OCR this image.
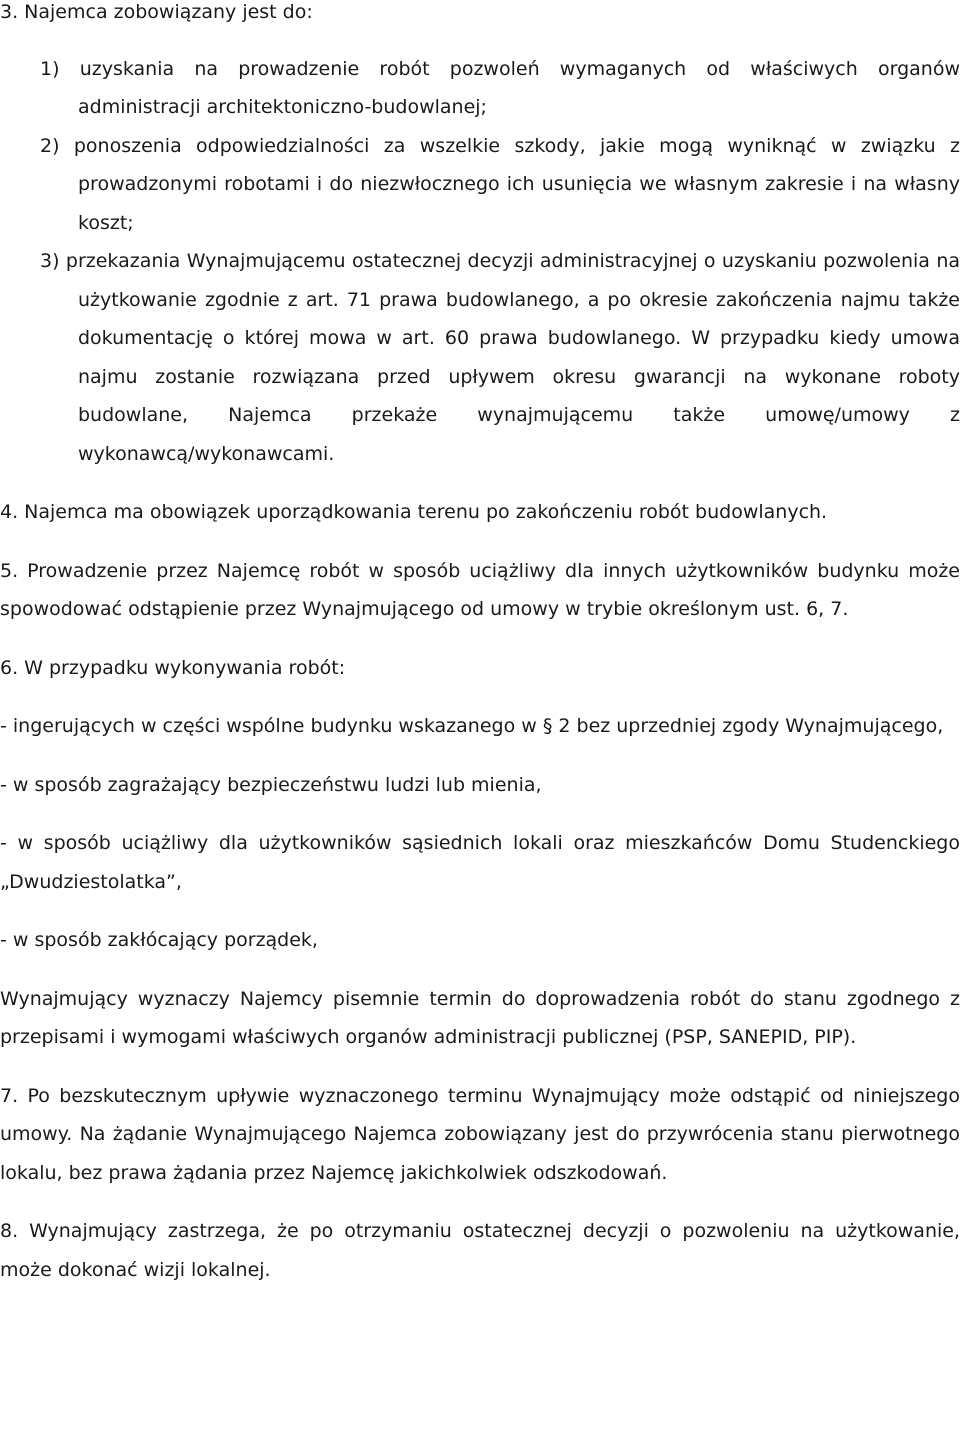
3. Najemca zobowiązany jest do:

1) uzyskania na prowadzenie robót pozwoleń wymaganych od właściwych organów administracji architektoniczno-budowlanej;

2) ponoszenia odpowiedzialności za wszelkie szkody, jakie mogą wyniknąć w związku z prowadzonymi robotami i do niezwłocznego ich usunięcia we własnym zakresie i na własny koszt;

3) przekazania Wynajmującemu ostatecznej decyzji administracyjnej o uzyskaniu pozwolenia na użytkowanie zgodnie z art. 71 prawa budowlanego, a po okresie zakończenia najmu także dokumentację o której mowa w art. 60 prawa budowlanego. W przypadku kiedy umowa najmu zostanie rozwiązana przed upływem okresu gwarancji na wykonane roboty budowlane, Najemca przekaże wynajmującemu także umowę/umowy z wykonawcą/wykonawcami.

4. Najemca ma obowiązek uporządkowania terenu po zakończeniu robót budowlanych.

5. Prowadzenie przez Najemcę robót w sposób uciążliwy dla innych użytkowników budynku może spowodować odstąpienie przez Wynajmującego od umowy w trybie określonym ust. 6, 7.

6. W przypadku wykonywania robót:

- ingerujących w części wspólne budynku wskazanego w § 2 bez uprzedniej zgody Wynajmującego,

- w sposób zagrażający bezpieczeństwu ludzi lub mienia,

- w sposób uciążliwy dla użytkowników sąsiednich lokali oraz mieszkańców Domu Studenckiego „Dwudziestolatka”,

- w sposób zakłócający porządek,

Wynajmujący wyznaczy Najemcy pisemnie termin do doprowadzenia robót do stanu zgodnego z przepisami i wymogami właściwych organów administracji publicznej (PSP, SANEPID, PIP).

7. Po bezskutecznym upływie wyznaczonego terminu Wynajmujący może odstąpić od niniejszego umowy. Na żądanie Wynajmującego Najemca zobowiązany jest do przywrócenia stanu pierwotnego lokalu, bez prawa żądania przez Najemcę jakichkolwiek odszkodowań.

8. Wynajmujący zastrzega, że po otrzymaniu ostatecznej decyzji o pozwoleniu na użytkowanie, może dokonać wizji lokalnej.
